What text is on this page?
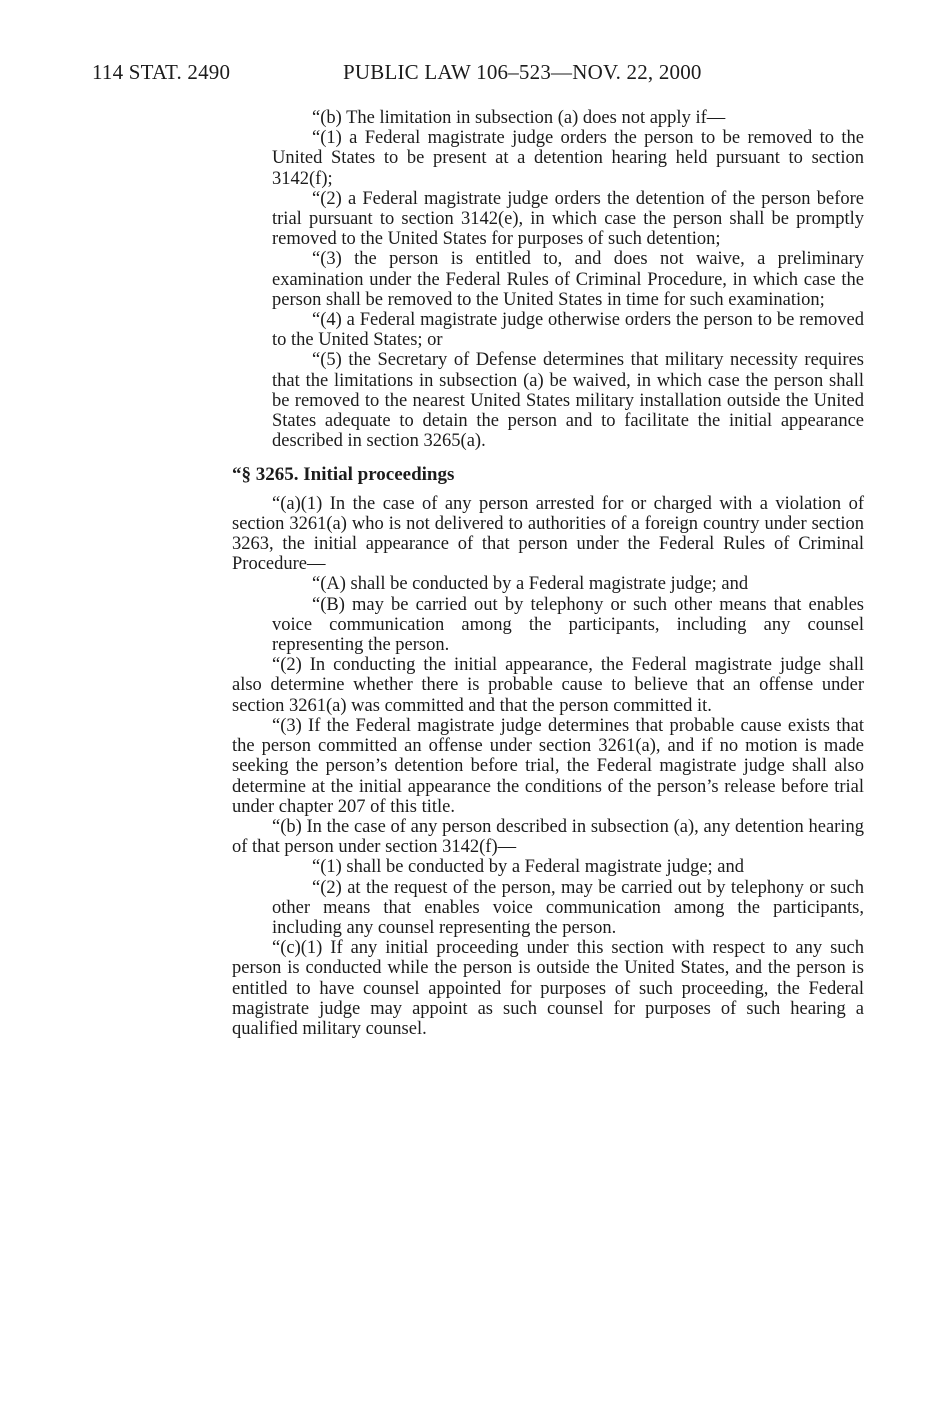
114 STAT. 2490	PUBLIC LAW 106–523—NOV. 22, 2000

“(b) The limitation in subsection (a) does not apply if—

“(1) a Federal magistrate judge orders the person to be removed to the United States to be present at a detention hearing held pursuant to section 3142(f);

“(2) a Federal magistrate judge orders the detention of the person before trial pursuant to section 3142(e), in which case the person shall be promptly removed to the United States for purposes of such detention;

“(3) the person is entitled to, and does not waive, a preliminary examination under the Federal Rules of Criminal Procedure, in which case the person shall be removed to the United States in time for such examination;

“(4) a Federal magistrate judge otherwise orders the person to be removed to the United States; or

“(5) the Secretary of Defense determines that military necessity requires that the limitations in subsection (a) be waived, in which case the person shall be removed to the nearest United States military installation outside the United States adequate to detain the person and to facilitate the initial appearance described in section 3265(a).

“§ 3265. Initial proceedings

“(a)(1) In the case of any person arrested for or charged with a violation of section 3261(a) who is not delivered to authorities of a foreign country under section 3263, the initial appearance of that person under the Federal Rules of Criminal Procedure—

“(A) shall be conducted by a Federal magistrate judge; and

“(B) may be carried out by telephony or such other means that enables voice communication among the participants, including any counsel representing the person.

“(2) In conducting the initial appearance, the Federal magistrate judge shall also determine whether there is probable cause to believe that an offense under section 3261(a) was committed and that the person committed it.

“(3) If the Federal magistrate judge determines that probable cause exists that the person committed an offense under section 3261(a), and if no motion is made seeking the person’s detention before trial, the Federal magistrate judge shall also determine at the initial appearance the conditions of the person’s release before trial under chapter 207 of this title.

“(b) In the case of any person described in subsection (a), any detention hearing of that person under section 3142(f)—

“(1) shall be conducted by a Federal magistrate judge; and

“(2) at the request of the person, may be carried out by telephony or such other means that enables voice communication among the participants, including any counsel representing the person.

“(c)(1) If any initial proceeding under this section with respect to any such person is conducted while the person is outside the United States, and the person is entitled to have counsel appointed for purposes of such proceeding, the Federal magistrate judge may appoint as such counsel for purposes of such hearing a qualified military counsel.
